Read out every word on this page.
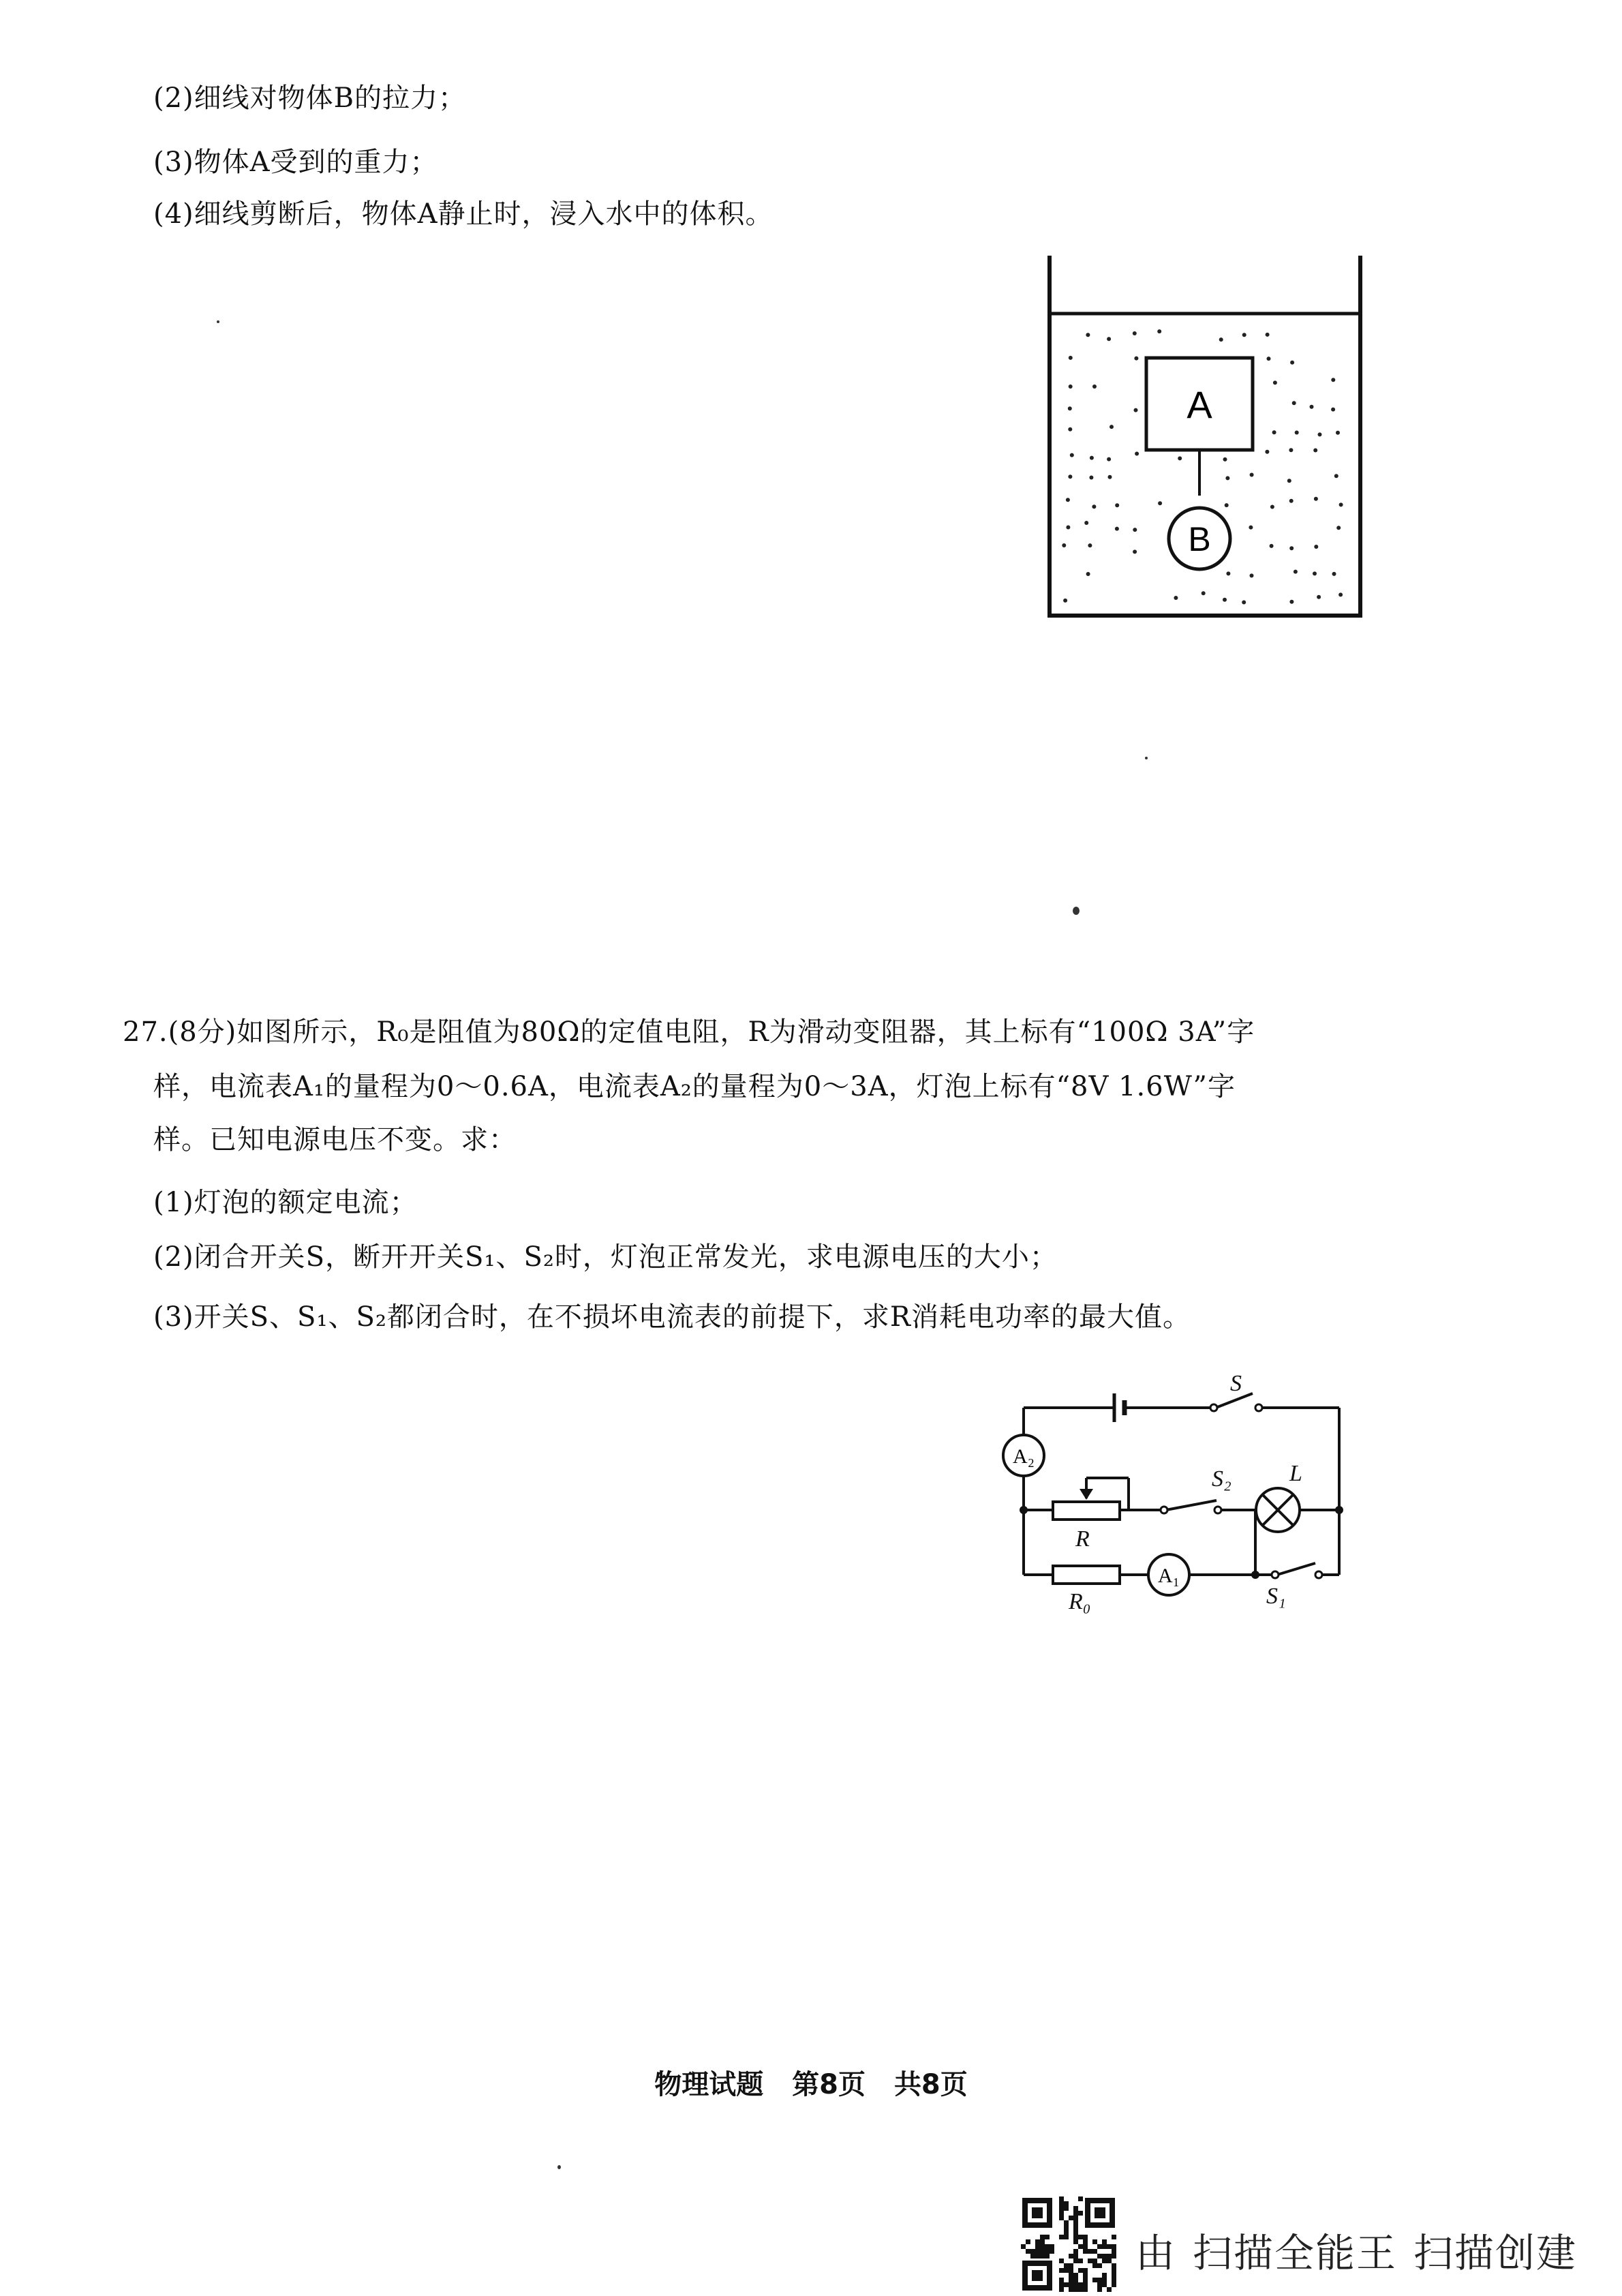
(2)细线对物体B的拉力；
(3)物体A受到的重力；
(4)细线剪断后，物体A静止时，浸入水中的体积。
A
B
27.(8分)如图所示，R₀是阻值为80Ω的定值电阻，R为滑动变阻器，其上标有“100Ω 3A”字
样，电流表A₁的量程为0～0.6A，电流表A₂的量程为0～3A，灯泡上标有“8V 1.6W”字
样。已知电源电压不变。求：
(1)灯泡的额定电流；
(2)闭合开关S，断开开关S₁、S₂时，灯泡正常发光，求电源电压的大小；
(3)开关S、S₁、S₂都闭合时，在不损坏电流表的前提下，求R消耗电功率的最大值。
A₂
A₁
S
S₂	L
R
R₀	S₁
物理试题 第8页 共8页
由 扫描全能王 扫描创建
